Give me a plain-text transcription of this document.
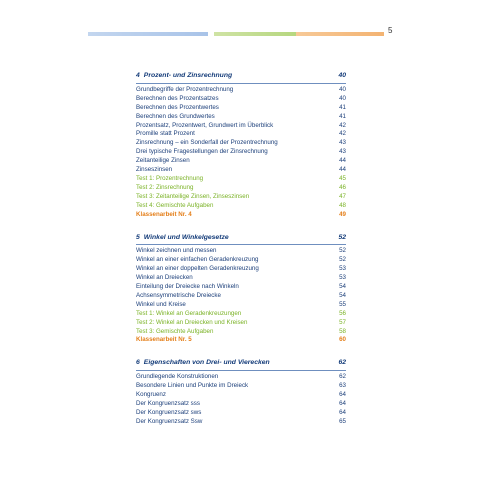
5
4 Prozent- und Zinsrechnung	40
Grundbegriffe der Prozentrechnung	40
Berechnen des Prozentsatzes	40
Berechnen des Prozentwertes	41
Berechnen des Grundwertes	41
Prozentsatz, Prozentwert, Grundwert im Überblick	42
Promille statt Prozent	42
Zinsrechnung – ein Sonderfall der Prozentrechnung	43
Drei typische Fragestellungen der Zinsrechnung	43
Zeitanteilige Zinsen	44
Zinseszinsen	44
Test 1: Prozentrechnung	45
Test 2: Zinsrechnung	46
Test 3: Zeitanteilige Zinsen, Zinseszinsen	47
Test 4: Gemischte Aufgaben	48
Klassenarbeit Nr. 4	49
5 Winkel und Winkelgesetze	52
Winkel zeichnen und messen	52
Winkel an einer einfachen Geradenkreuzung	52
Winkel an einer doppelten Geradenkreuzung	53
Winkel an Dreiecken	53
Einteilung der Dreiecke nach Winkeln	54
Achsensymmetrische Dreiecke	54
Winkel und Kreise	55
Test 1: Winkel an Geradenkreuzungen	56
Test 2: Winkel an Dreiecken und Kreisen	57
Test 3: Gemischte Aufgaben	58
Klassenarbeit Nr. 5	60
6 Eigenschaften von Drei- und Vierecken	62
Grundlegende Konstruktionen	62
Besondere Linien und Punkte im Dreieck	63
Kongruenz	64
Der Kongruenzsatz sss	64
Der Kongruenzsatz sws	64
Der Kongruenzsatz Ssw	65
